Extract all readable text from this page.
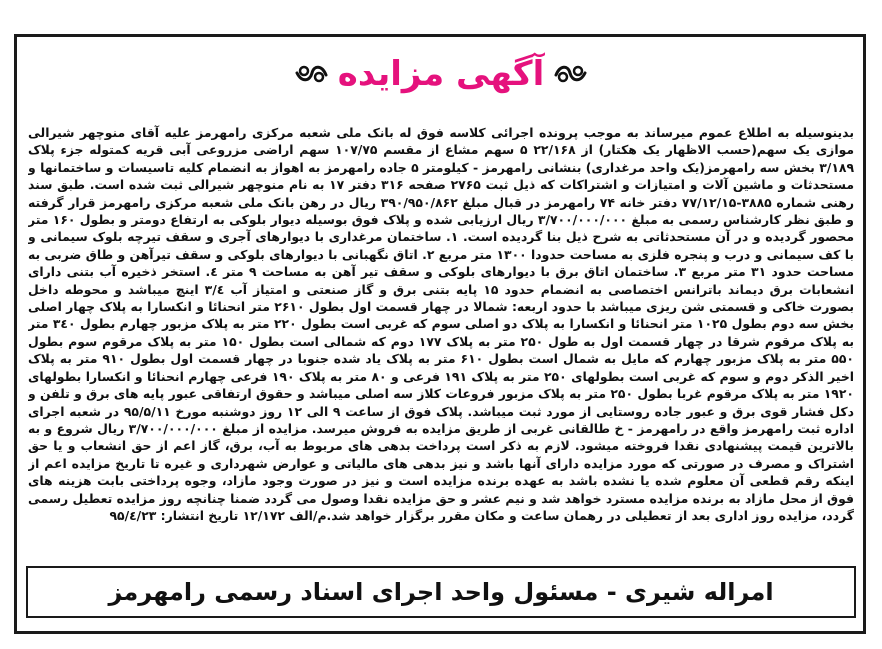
آگهی مزایده

بدینوسیله به اطلاع عموم میرساند به موجب پرونده اجرائی کلاسه فوق له بانک ملی شعبه مرکزی رامهرمز علیه آقای منوچهر شیرالی موازی یک سهم(حسب الاظهار یک هکتار) از ۲۲/۱۶۸ ۵ سهم مشاع از مقسم ۱۰۷/۷۵ سهم اراضی مزروعی آبی قریه کمتوله جزء پلاک ۳/۱۸۹ بخش سه رامهرمز(یک واحد مرغداری) بنشانی رامهرمز - کیلومتر ۵ جاده رامهرمز به اهواز به انضمام کلیه تاسیسات و ساختمانها و مستحدثات و ماشین آلات و امتیازات و اشتراکات که ذیل ثبت ۲۷۶۵ صفحه ۳۱۶ دفتر ۱۷ به نام منوچهر شیرالی ثبت شده است. طبق سند رهنی شماره ۳۸۸۵-۷۷/۱۲/۱۵ دفتر خانه ۷۴ رامهرمز در قبال مبلغ ۳۹۰/۹۵۰/۸۶۲ ریال در رهن بانک ملی شعبه مرکزی رامهرمز قرار گرفته و طبق نظر کارشناس رسمی به مبلغ ۳/۷۰۰/۰۰۰/۰۰۰ ریال ارزیابی شده و پلاک فوق بوسیله دیوار بلوکی به ارتفاع دومتر و بطول ۱۶۰ متر محصور گردیده و در آن مستحدثاتی به شرح ذیل بنا گردیده است. ۱. ساختمان مرغداری با دیوارهای آجری و سقف تیرچه بلوک سیمانی و با کف سیمانی و درب و پنجره فلزی به مساحت حدودا ۱۳۰۰ متر مربع ۲. اتاق نگهبانی با دیوارهای بلوکی و سقف تیرآهن و طاق ضربی به مساحت حدود ۳۱ متر مربع ۳. ساختمان اتاق برق با دیوارهای بلوکی و سقف تیر آهن به مساحت ۹ متر ٤. استخر ذخیره آب بتنی دارای انشعابات برق دیماند باترانس اختصاصی به انضمام حدود ۱۵ پایه بتنی برق و گاز صنعتی و امتیاز آب ۳/٤ اینچ میباشد و محوطه داخل بصورت خاکی و قسمتی شن ریزی میباشد با حدود اربعه: شمالا در چهار قسمت اول بطول ۲۶۱۰ متر انحنائا و انکسارا به پلاک چهار اصلی بخش سه دوم بطول ۱۰۲۵ متر انحنائا و انکسارا به پلاک دو اصلی سوم که غربی است بطول ۲۲۰ متر به پلاک مزبور چهارم بطول ۳٤۰ متر به پلاک مرقوم شرقا در چهار قسمت اول به طول ۲۵۰ متر به پلاک ۱۷۷ دوم که شمالی است بطول ۱۵۰ متر به پلاک مرقوم سوم بطول ۵۵۰ متر به پلاک مزبور چهارم که مایل به شمال است بطول ۶۱۰ متر به پلاک یاد شده جنوبا در چهار قسمت اول بطول ۹۱۰ متر به پلاک اخیر الذکر دوم و سوم که غربی است بطولهای ۲۵۰ متر به پلاک ۱۹۱ فرعی و ۸۰ متر به پلاک ۱۹۰ فرعی چهارم انحنائا و انکسارا بطولهای ۱۹۲۰ متر به پلاک مرقوم غربا بطول ۲۵۰ متر به پلاک مزبور فروعات کلاز سه اصلی میباشد و حقوق ارتفاقی عبور پایه های برق و تلفن و دکل فشار قوی برق و عبور جاده روستایی از مورد ثبت میباشد. پلاک فوق از ساعت ۹ الی ۱۲ روز دوشنبه مورخ ۹۵/۵/۱۱ در شعبه اجرای اداره ثبت رامهرمز واقع در رامهرمز - خ طالقانی غربی از طریق مزایده به فروش میرسد. مزایده از مبلغ ۳/۷۰۰/۰۰۰/۰۰۰ ریال شروع و به بالاترین قیمت پیشنهادی نقدا فروخته میشود. لازم به ذکر است پرداخت بدهی های مربوط به آب، برق، گاز اعم از حق انشعاب و یا حق اشتراک و مصرف در صورتی که مورد مزایده دارای آنها باشد و نیز بدهی های مالیاتی و عوارض شهرداری و غیره تا تاریخ مزایده اعم از اینکه رقم قطعی آن معلوم شده یا نشده باشد به عهده برنده مزایده است و نیز در صورت وجود مازاد، وجوه پرداختی بابت هزینه های فوق از محل مازاد به برنده مزایده مسترد خواهد شد و نیم عشر و حق مزایده نقدا وصول می گردد ضمنا چنانچه روز مزایده تعطیل رسمی گردد، مزایده روز اداری بعد از تعطیلی در رهمان ساعت و مکان مقرر برگزار خواهد شد.م/الف ۱۲/۱۷۲ تاریخ انتشار: ۹۵/٤/۲۳

امراله شیری - مسئول واحد اجرای اسناد رسمی رامهرمز
